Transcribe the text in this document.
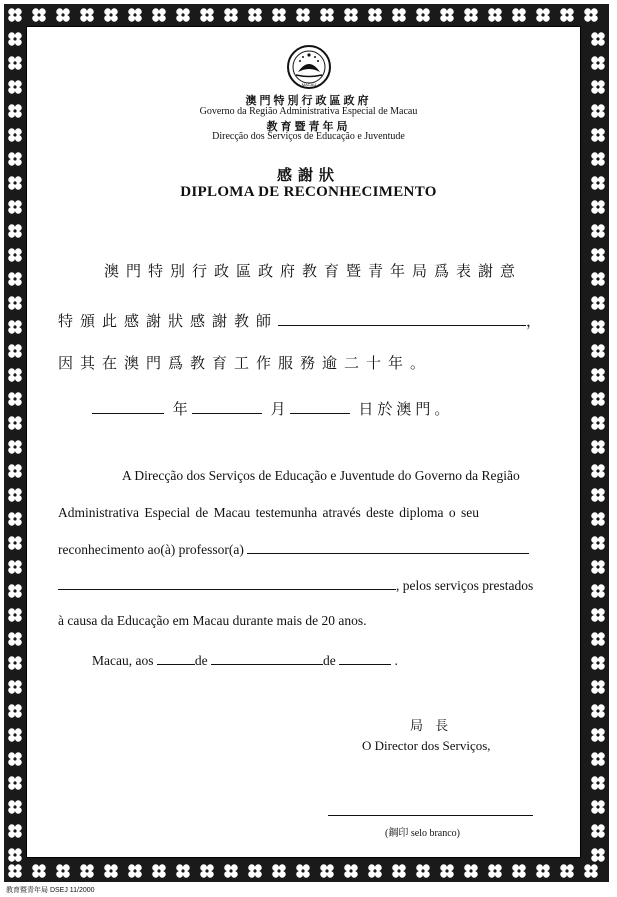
MACAU
澳門特別行政區政府
Governo da Região Administrativa Especial de Macau
教育暨青年局
Direcção dos Serviços de Educação e Juventude
感謝狀
DIPLOMA DE RECONHECIMENTO
澳門特別行政區政府教育暨青年局爲表謝意
特頒此感謝狀感謝教師	，
因其在澳門爲教育工作服務逾二十年。
年	月	日於澳門。
A Direcção dos Serviços de Educação e Juventude do Governo da Região
Administrativa Especial de Macau testemunha através deste diploma o seu
reconhecimento ao(à) professor(a)
, pelos serviços prestados
à causa da Educação em Macau durante mais de 20 anos.
Macau, aos	de	de	.
局 長
O Director dos Serviços,
(鋼印 selo branco)
教育暨青年局 DSEJ 11/2000
